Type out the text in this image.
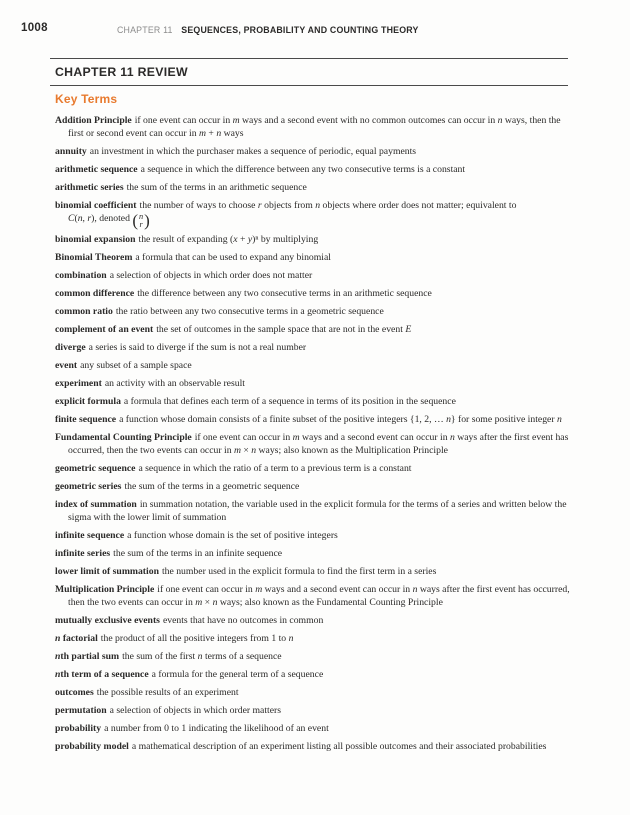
1008	CHAPTER 11 SEQUENCES, PROBABILITY AND COUNTING THEORY
CHAPTER 11 REVIEW
Key Terms
Addition Principle if one event can occur in m ways and a second event with no common outcomes can occur in n ways, then the first or second event can occur in m + n ways
annuity an investment in which the purchaser makes a sequence of periodic, equal payments
arithmetic sequence a sequence in which the difference between any two consecutive terms is a constant
arithmetic series the sum of the terms in an arithmetic sequence
binomial coefficient the number of ways to choose r objects from n objects where order does not matter; equivalent to
C(n, r), denoted ( n
r )
binomial expansion the result of expanding (x + y)ⁿ by multiplying
Binomial Theorem a formula that can be used to expand any binomial
combination a selection of objects in which order does not matter
common difference the difference between any two consecutive terms in an arithmetic sequence
common ratio the ratio between any two consecutive terms in a geometric sequence
complement of an event the set of outcomes in the sample space that are not in the event E
diverge a series is said to diverge if the sum is not a real number
event any subset of a sample space
experiment an activity with an observable result
explicit formula a formula that defines each term of a sequence in terms of its position in the sequence
finite sequence a function whose domain consists of a finite subset of the positive integers {1, 2, … n} for some positive integer n
Fundamental Counting Principle if one event can occur in m ways and a second event can occur in n ways after the first event has occurred, then the two events can occur in m × n ways; also known as the Multiplication Principle
geometric sequence a sequence in which the ratio of a term to a previous term is a constant
geometric series the sum of the terms in a geometric sequence
index of summation in summation notation, the variable used in the explicit formula for the terms of a series and written below the sigma with the lower limit of summation
infinite sequence a function whose domain is the set of positive integers
infinite series the sum of the terms in an infinite sequence
lower limit of summation the number used in the explicit formula to find the first term in a series
Multiplication Principle if one event can occur in m ways and a second event can occur in n ways after the first event has occurred, then the two events can occur in m × n ways; also known as the Fundamental Counting Principle
mutually exclusive events events that have no outcomes in common
n factorial the product of all the positive integers from 1 to n
nth partial sum the sum of the first n terms of a sequence
nth term of a sequence a formula for the general term of a sequence
outcomes the possible results of an experiment
permutation a selection of objects in which order matters
probability a number from 0 to 1 indicating the likelihood of an event
probability model a mathematical description of an experiment listing all possible outcomes and their associated probabilities
